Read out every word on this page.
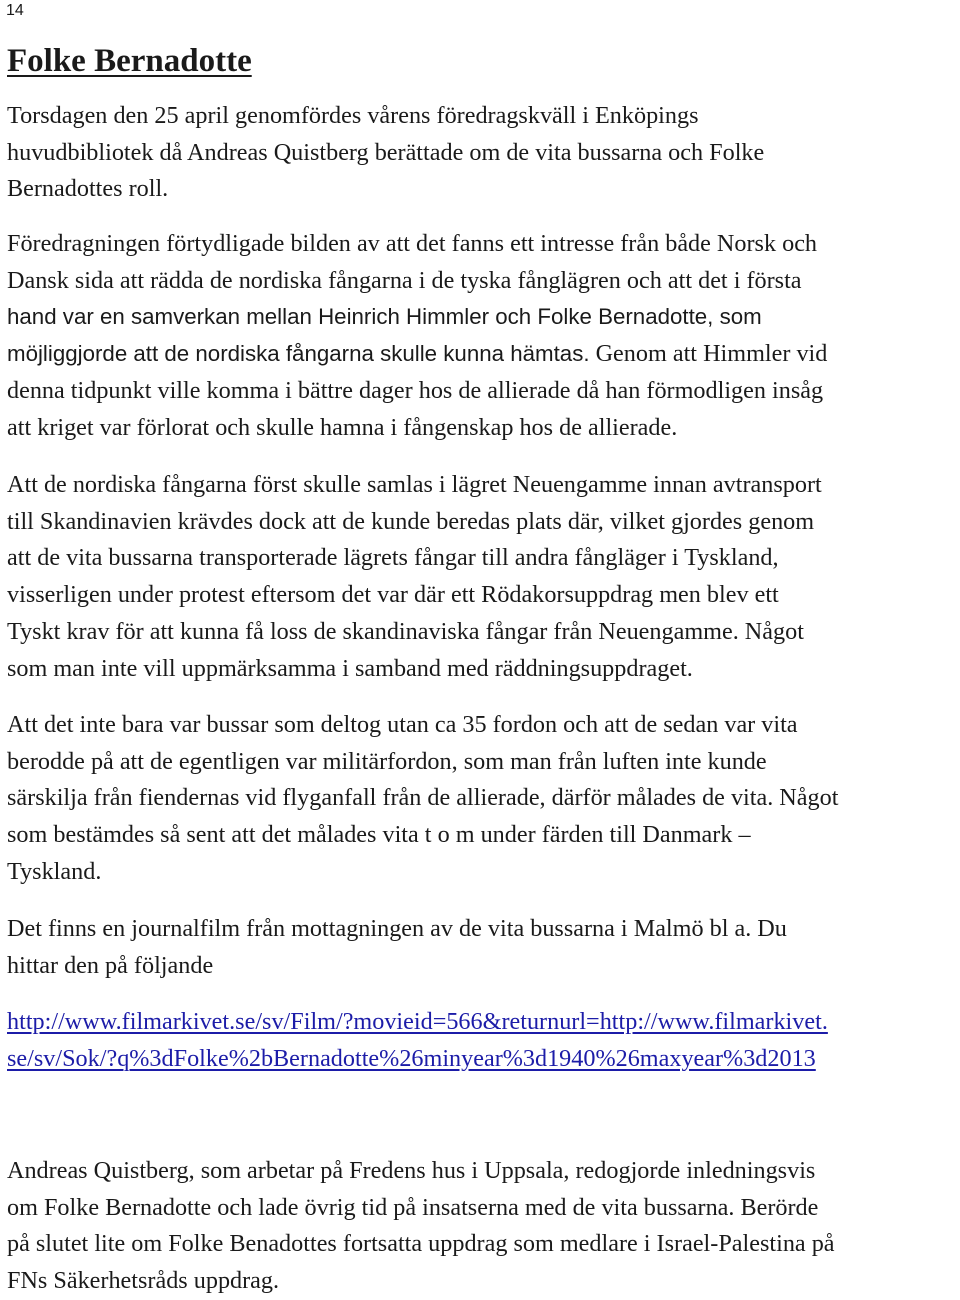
14
Folke Bernadotte

Torsdagen den 25 april genomfördes vårens föredragskväll i Enköpings
huvudbibliotek då Andreas Quistberg berättade om de vita bussarna och Folke
Bernadottes roll.

Föredragningen förtydligade bilden av att det fanns ett intresse från både Norsk och
Dansk sida att rädda de nordiska fångarna i de tyska fånglägren och att det i första
hand var en samverkan mellan Heinrich Himmler och Folke Bernadotte, som
möjliggjorde att de nordiska fångarna skulle kunna hämtas. Genom att Himmler vid
denna tidpunkt ville komma i bättre dager hos de allierade då han förmodligen insåg
att kriget var förlorat och skulle hamna i fångenskap hos de allierade.

Att de nordiska fångarna först skulle samlas i lägret Neuengamme innan avtransport
till Skandinavien krävdes dock att de kunde beredas plats där, vilket gjordes genom
att de vita bussarna transporterade lägrets fångar till andra fångläger i Tyskland,
visserligen under protest eftersom det var där ett Rödakorsuppdrag men blev ett
Tyskt krav för att kunna få loss de skandinaviska fångar från Neuengamme. Något
som man inte vill uppmärksamma i samband med räddningsuppdraget.

Att det inte bara var bussar som deltog utan ca 35 fordon och att de sedan var vita
berodde på att de egentligen var militärfordon, som man från luften inte kunde
särskilja från fiendernas vid flyganfall från de allierade, därför målades de vita. Något
som bestämdes så sent att det målades vita t o m under färden till Danmark –
Tyskland.

Det finns en journalfilm från mottagningen av de vita bussarna i Malmö bl a. Du
hittar den på följande

http://www.filmarkivet.se/sv/Film/?movieid=566&returnurl=http://www.filmarkivet.
se/sv/Sok/?q%3dFolke%2bBernadotte%26minyear%3d1940%26maxyear%3d2013

Andreas Quistberg, som arbetar på Fredens hus i Uppsala, redogjorde inledningsvis
om Folke Bernadotte och lade övrig tid på insatserna med de vita bussarna. Berörde
på slutet lite om Folke Benadottes fortsatta uppdrag som medlare i Israel-Palestina på
FNs Säkerhetsråds uppdrag.
